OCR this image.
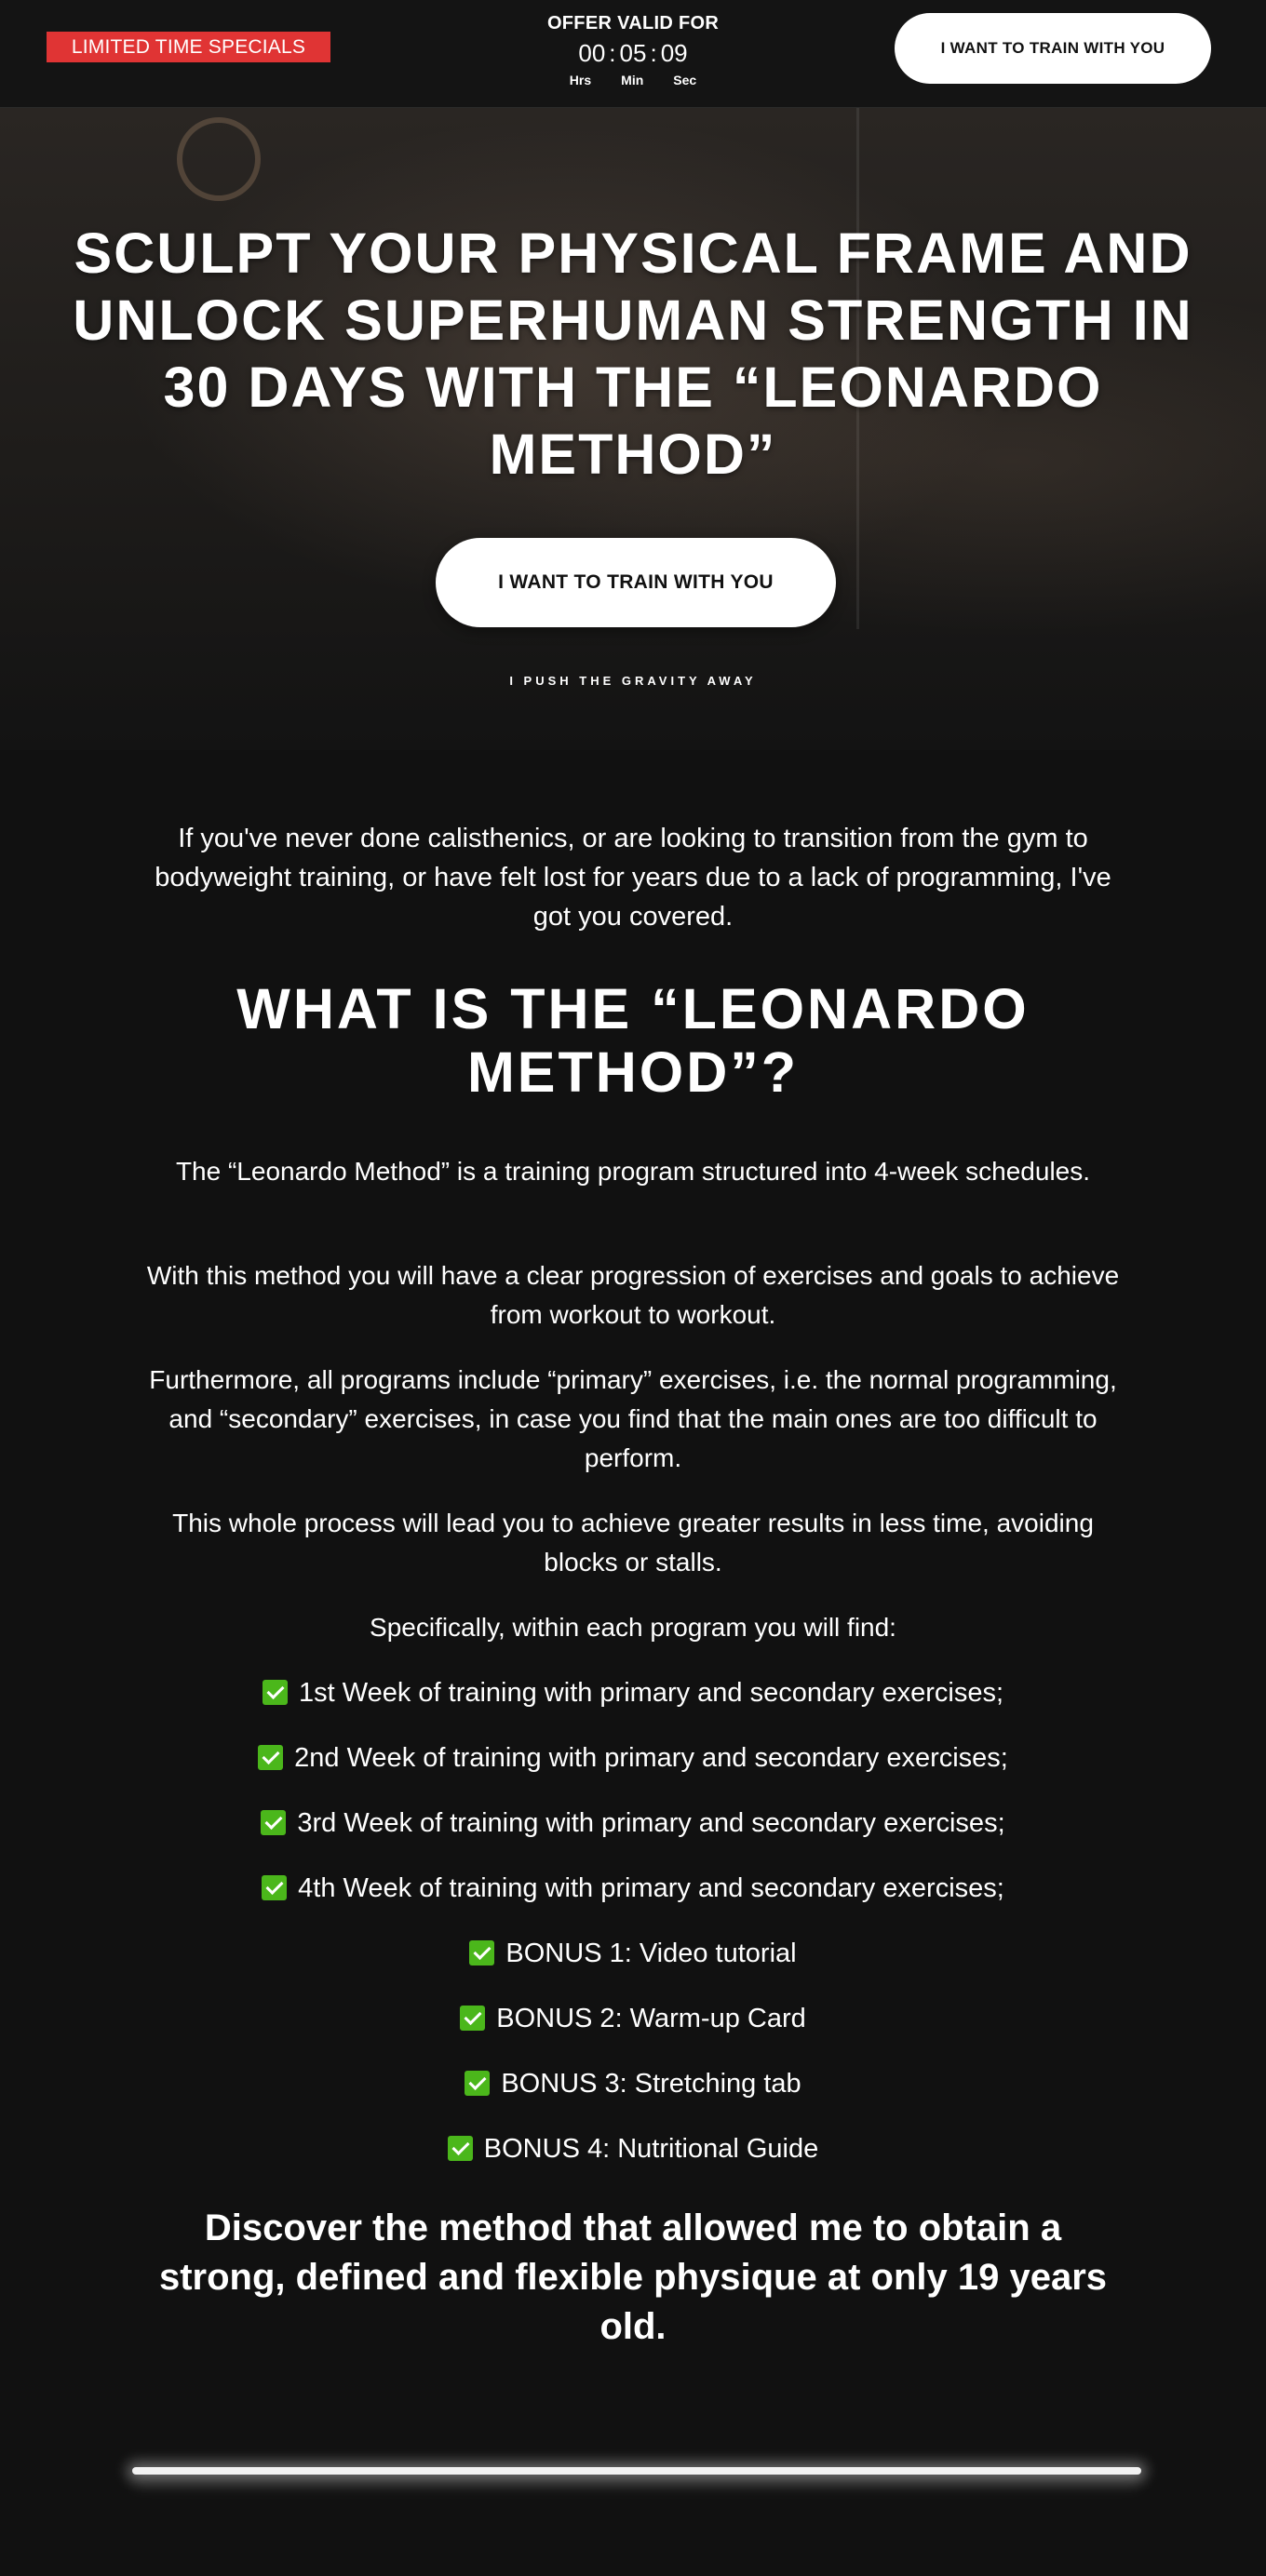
LIMITED TIME SPECIALS
OFFER VALID FOR
00 : 05 : 09
Hrs Min Sec
I WANT TO TRAIN WITH YOU
SCULPT YOUR PHYSICAL FRAME AND UNLOCK SUPERHUMAN STRENGTH IN 30 DAYS WITH THE “LEONARDO METHOD”
I WANT TO TRAIN WITH YOU
I PUSH THE GRAVITY AWAY

If you've never done calisthenics, or are looking to transition from the gym to bodyweight training, or have felt lost for years due to a lack of programming, I've got you covered.

WHAT IS THE “LEONARDO METHOD”?

The “Leonardo Method” is a training program structured into 4-week schedules.

With this method you will have a clear progression of exercises and goals to achieve from workout to workout.

Furthermore, all programs include “primary” exercises, i.e. the normal programming, and “secondary” exercises, in case you find that the main ones are too difficult to perform.

This whole process will lead you to achieve greater results in less time, avoiding blocks or stalls.

Specifically, within each program you will find:

1st Week of training with primary and secondary exercises;
2nd Week of training with primary and secondary exercises;
3rd Week of training with primary and secondary exercises;
4th Week of training with primary and secondary exercises;
BONUS 1: Video tutorial
BONUS 2: Warm-up Card
BONUS 3: Stretching tab
BONUS 4: Nutritional Guide

Discover the method that allowed me to obtain a strong, defined and flexible physique at only 19 years old.
